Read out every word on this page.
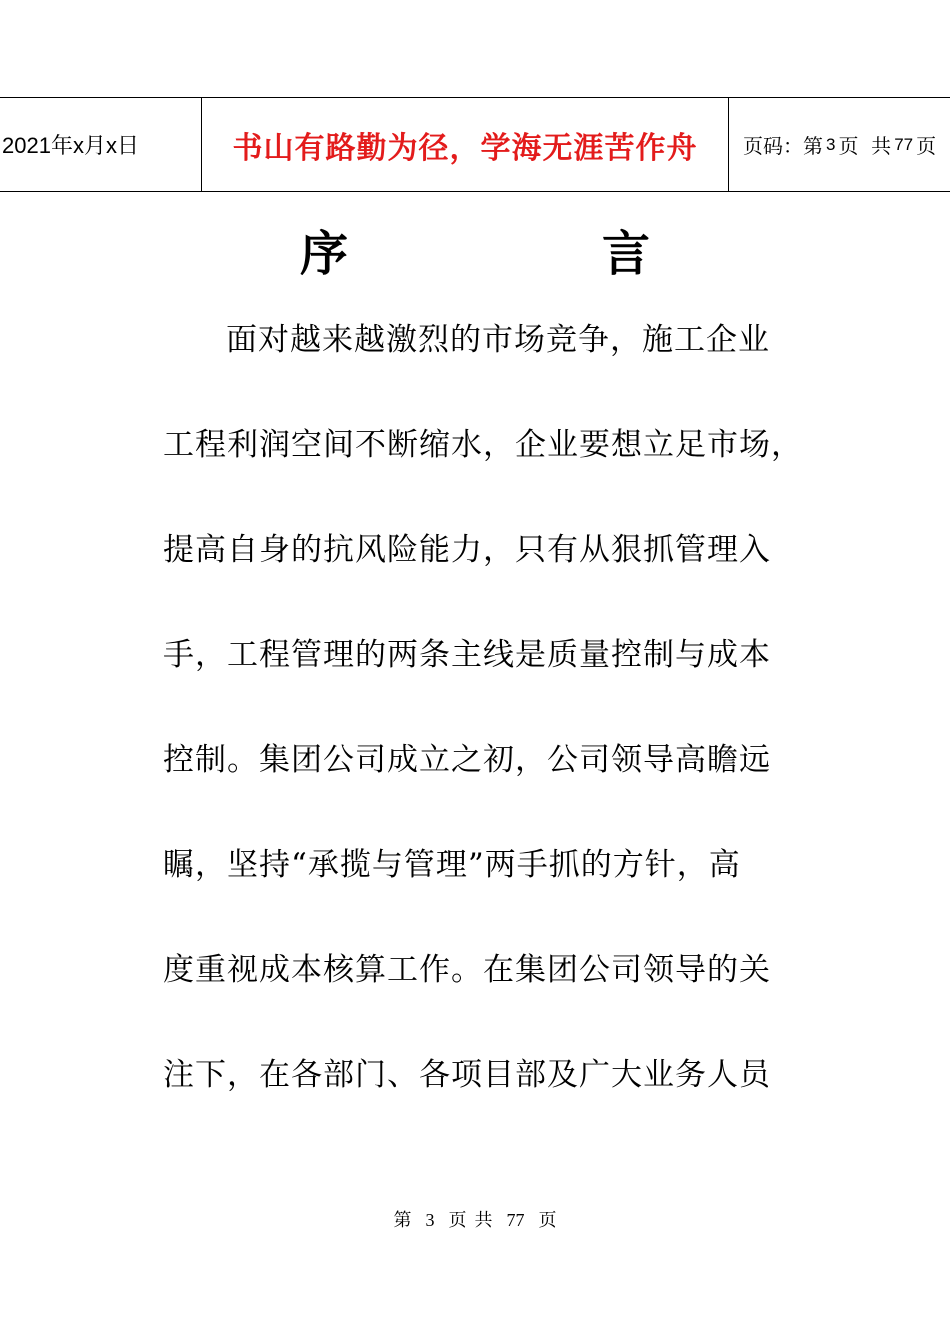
2021年x月x日	书山有路勤为径，学海无涯苦作舟 页码：第 3 页  共 77 页
序	言
面对越来越激烈的市场竞争，施工企业
工程利润空间不断缩水，企业要想立足市场，
提高自身的抗风险能力，只有从狠抓管理入
手，工程管理的两条主线是质量控制与成本
控制。集团公司成立之初，公司领导高瞻远
瞩，坚持“承揽与管理”两手抓的方针，高
度重视成本核算工作。在集团公司领导的关
注下，在各部门、各项目部及广大业务人员
第 3 页 共 77 页
